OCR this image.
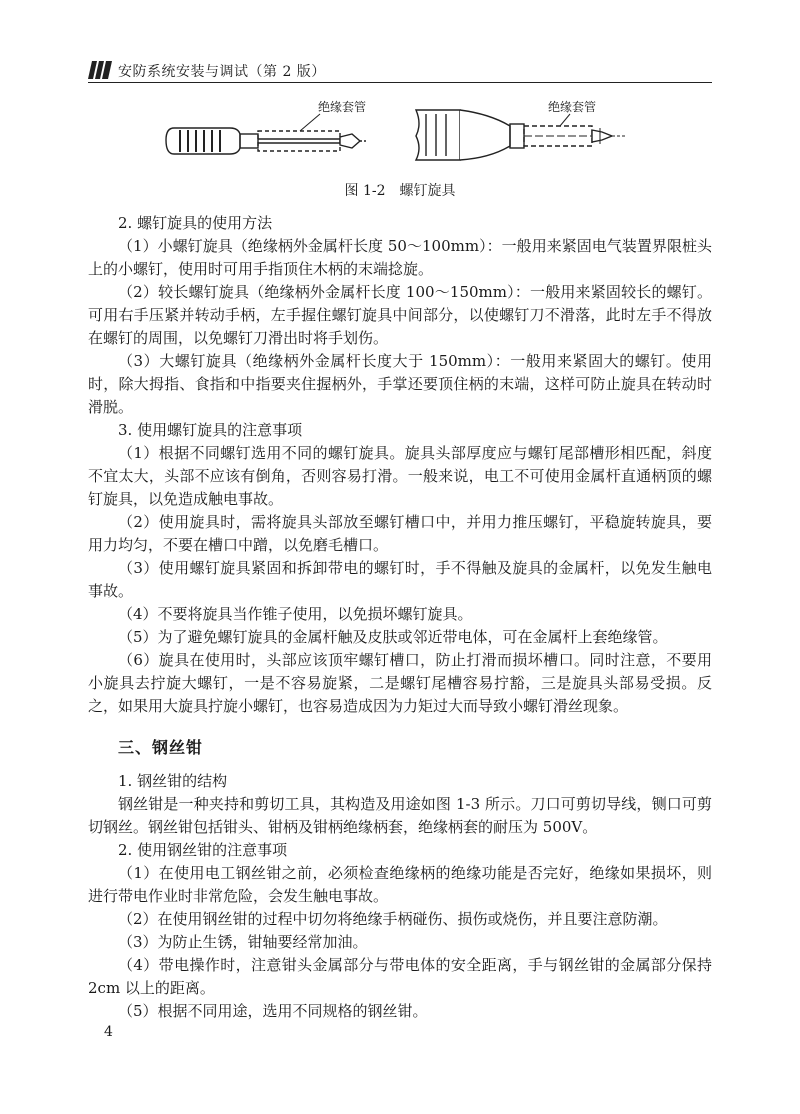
安防系统安装与调试（第 2 版）
绝缘套管	绝缘套管
图 1-2 螺钉旋具

2. 螺钉旋具的使用方法

（1）小螺钉旋具（绝缘柄外金属杆长度 50～100mm）：一般用来紧固电气装置界限桩头上的小螺钉，使用时可用手指顶住木柄的末端捻旋。

（2）较长螺钉旋具（绝缘柄外金属杆长度 100～150mm）：一般用来紧固较长的螺钉。可用右手压紧并转动手柄，左手握住螺钉旋具中间部分，以使螺钉刀不滑落，此时左手不得放在螺钉的周围，以免螺钉刀滑出时将手划伤。

（3）大螺钉旋具（绝缘柄外金属杆长度大于 150mm）：一般用来紧固大的螺钉。使用时，除大拇指、食指和中指要夹住握柄外，手掌还要顶住柄的末端，这样可防止旋具在转动时滑脱。

3. 使用螺钉旋具的注意事项

（1）根据不同螺钉选用不同的螺钉旋具。旋具头部厚度应与螺钉尾部槽形相匹配，斜度不宜太大，头部不应该有倒角，否则容易打滑。一般来说，电工不可使用金属杆直通柄顶的螺钉旋具，以免造成触电事故。

（2）使用旋具时，需将旋具头部放至螺钉槽口中，并用力推压螺钉，平稳旋转旋具，要用力均匀，不要在槽口中蹭，以免磨毛槽口。

（3）使用螺钉旋具紧固和拆卸带电的螺钉时，手不得触及旋具的金属杆，以免发生触电事故。

（4）不要将旋具当作锥子使用，以免损坏螺钉旋具。

（5）为了避免螺钉旋具的金属杆触及皮肤或邻近带电体，可在金属杆上套绝缘管。

（6）旋具在使用时，头部应该顶牢螺钉槽口，防止打滑而损坏槽口。同时注意，不要用小旋具去拧旋大螺钉，一是不容易旋紧，二是螺钉尾槽容易拧豁，三是旋具头部易受损。反之，如果用大旋具拧旋小螺钉，也容易造成因为力矩过大而导致小螺钉滑丝现象。

三、钢丝钳

1. 钢丝钳的结构

钢丝钳是一种夹持和剪切工具，其构造及用途如图 1-3 所示。刀口可剪切导线，铡口可剪切钢丝。钢丝钳包括钳头、钳柄及钳柄绝缘柄套，绝缘柄套的耐压为 500V。

2. 使用钢丝钳的注意事项

（1）在使用电工钢丝钳之前，必须检查绝缘柄的绝缘功能是否完好，绝缘如果损坏，则进行带电作业时非常危险，会发生触电事故。

（2）在使用钢丝钳的过程中切勿将绝缘手柄碰伤、损伤或烧伤，并且要注意防潮。

（3）为防止生锈，钳轴要经常加油。

（4）带电操作时，注意钳头金属部分与带电体的安全距离，手与钢丝钳的金属部分保持 2cm 以上的距离。

（5）根据不同用途，选用不同规格的钢丝钳。

4
